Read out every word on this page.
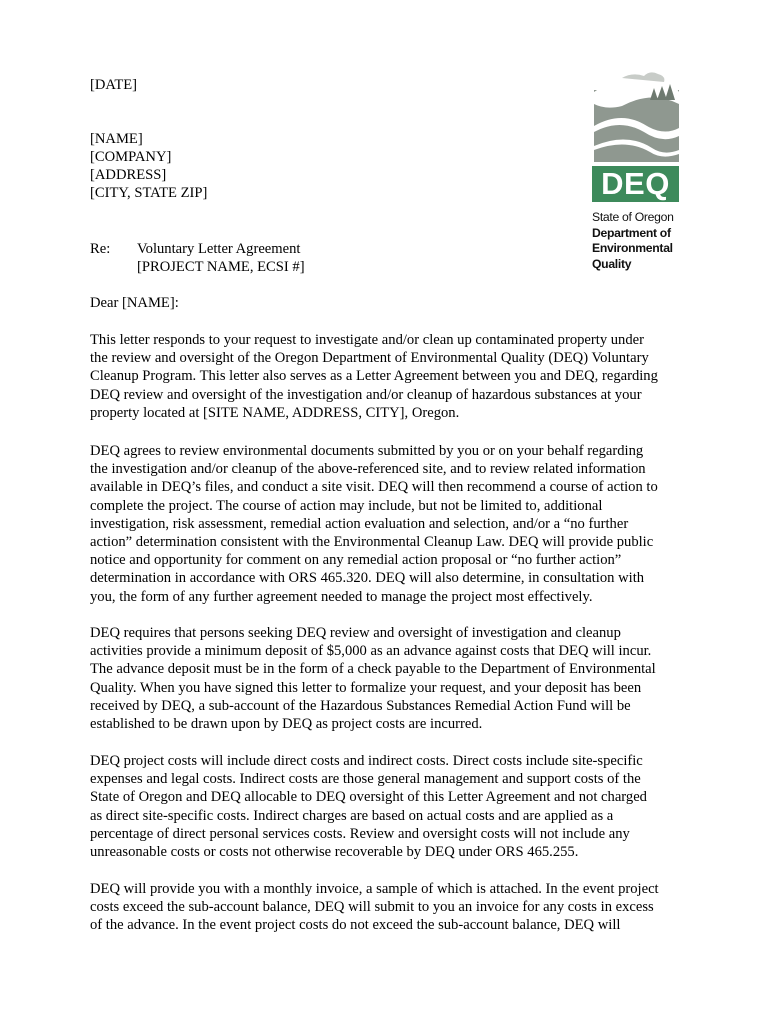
[DATE]

[NAME]

[COMPANY]

[ADDRESS]

[CITY, STATE ZIP]

Re: Voluntary Letter Agreement
[PROJECT NAME, ECSI #]
DEQ
State of Oregon
Department of
Environmental
Quality

Dear [NAME]:

This letter responds to your request to investigate and/or clean up contaminated property under
the review and oversight of the Oregon Department of Environmental Quality (DEQ) Voluntary
Cleanup Program. This letter also serves as a Letter Agreement between you and DEQ, regarding
DEQ review and oversight of the investigation and/or cleanup of hazardous substances at your
property located at [SITE NAME, ADDRESS, CITY], Oregon.
DEQ agrees to review environmental documents submitted by you or on your behalf regarding
the investigation and/or cleanup of the above-referenced site, and to review related information
available in DEQ’s files, and conduct a site visit. DEQ will then recommend a course of action to
complete the project. The course of action may include, but not be limited to, additional
investigation, risk assessment, remedial action evaluation and selection, and/or a “no further
action” determination consistent with the Environmental Cleanup Law. DEQ will provide public
notice and opportunity for comment on any remedial action proposal or “no further action”
determination in accordance with ORS 465.320. DEQ will also determine, in consultation with
you, the form of any further agreement needed to manage the project most effectively.
DEQ requires that persons seeking DEQ review and oversight of investigation and cleanup
activities provide a minimum deposit of $5,000 as an advance against costs that DEQ will incur.
The advance deposit must be in the form of a check payable to the Department of Environmental
Quality. When you have signed this letter to formalize your request, and your deposit has been
received by DEQ, a sub-account of the Hazardous Substances Remedial Action Fund will be
established to be drawn upon by DEQ as project costs are incurred.
DEQ project costs will include direct costs and indirect costs. Direct costs include site-specific
expenses and legal costs. Indirect costs are those general management and support costs of the
State of Oregon and DEQ allocable to DEQ oversight of this Letter Agreement and not charged
as direct site-specific costs. Indirect charges are based on actual costs and are applied as a
percentage of direct personal services costs. Review and oversight costs will not include any
unreasonable costs or costs not otherwise recoverable by DEQ under ORS 465.255.
DEQ will provide you with a monthly invoice, a sample of which is attached. In the event project
costs exceed the sub-account balance, DEQ will submit to you an invoice for any costs in excess
of the advance. In the event project costs do not exceed the sub-account balance, DEQ will
